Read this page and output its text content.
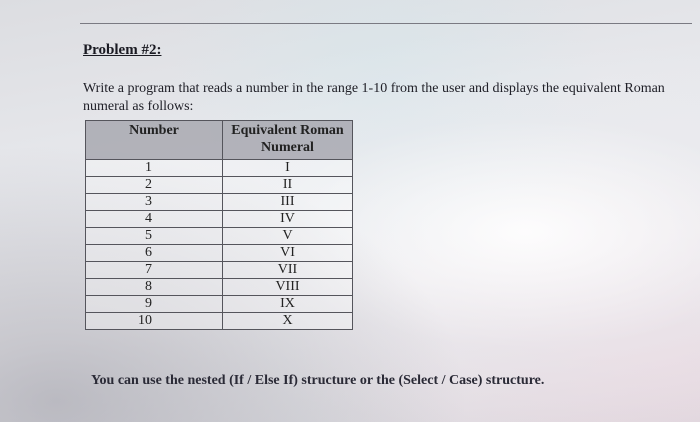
Problem #2:
Write a program that reads a number in the range 1-10 from the user and displays the equivalent Roman numeral as follows:
Number	Equivalent Roman Numeral
1	I
2	II
3	III
4	IV
5	V
6	VI
7	VII
8	VIII
9	IX
10	X
You can use the nested (If / Else If) structure or the (Select / Case) structure.
